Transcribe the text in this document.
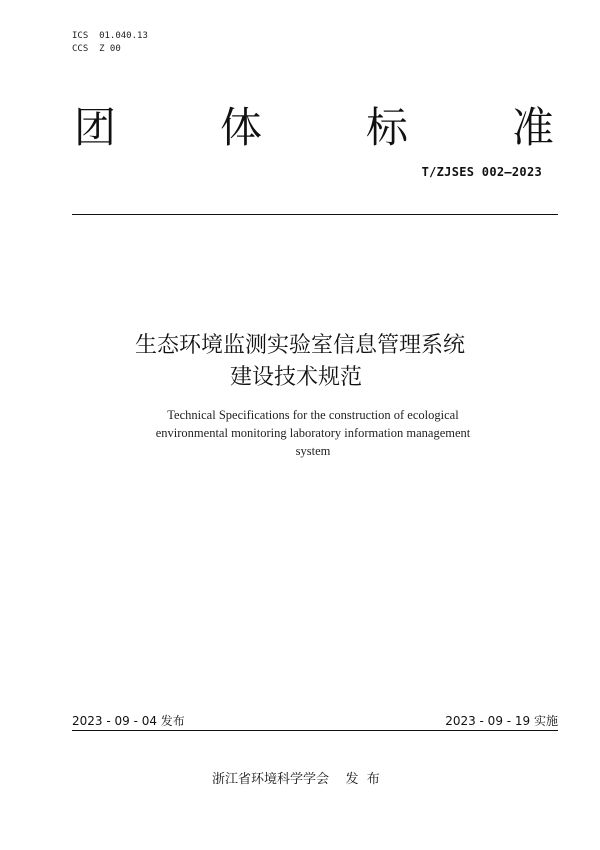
ICS  01.040.13
CCS  Z 00
团 体 标 准
T/ZJSES 002—2023
生态环境监测实验室信息管理系统
建设技术规范
Technical Specifications for the construction of ecological
environmental monitoring laboratory information management
system
2023 - 09 - 04 发布	2023 - 09 - 19 实施
浙江省环境科学学会 发  布
